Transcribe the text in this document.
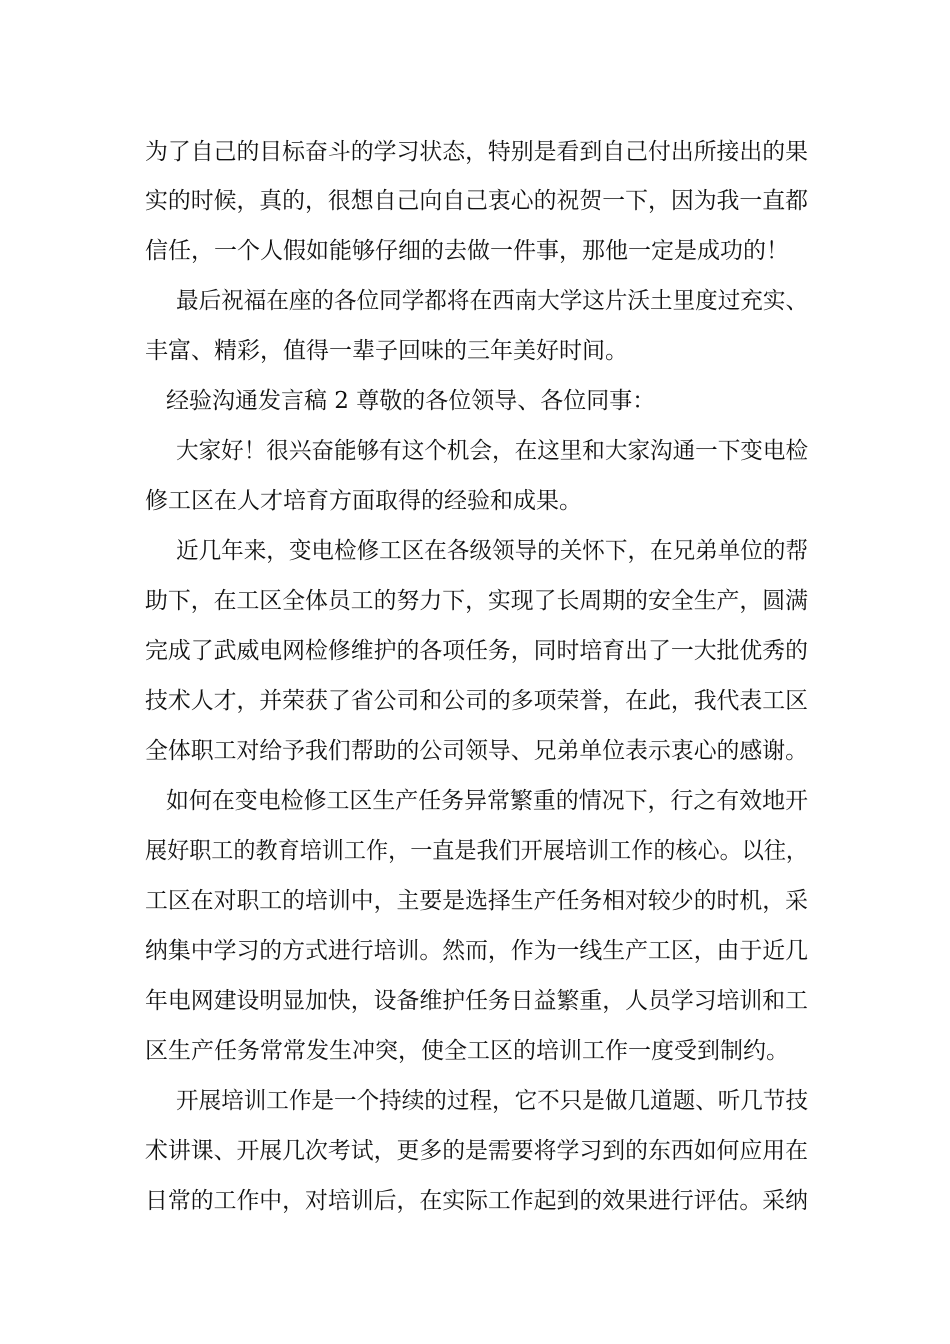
为了自己的目标奋斗的学习状态，特别是看到自己付出所接出的果
实的时候，真的，很想自己向自己衷心的祝贺一下，因为我一直都
信任，一个人假如能够仔细的去做一件事，那他一定是成功的！
最后祝福在座的各位同学都将在西南大学这片沃土里度过充实、
丰富、精彩，值得一辈子回味的三年美好时间。
经验沟通发言稿 2 尊敬的各位领导、各位同事：
大家好！很兴奋能够有这个机会，在这里和大家沟通一下变电检
修工区在人才培育方面取得的经验和成果。
近几年来，变电检修工区在各级领导的关怀下，在兄弟单位的帮
助下，在工区全体员工的努力下，实现了长周期的安全生产，圆满
完成了武威电网检修维护的各项任务，同时培育出了一大批优秀的
技术人才，并荣获了省公司和公司的多项荣誉，在此，我代表工区
全体职工对给予我们帮助的公司领导、兄弟单位表示衷心的感谢。
如何在变电检修工区生产任务异常繁重的情况下，行之有效地开
展好职工的教育培训工作，一直是我们开展培训工作的核心。以往，
工区在对职工的培训中，主要是选择生产任务相对较少的时机，采
纳集中学习的方式进行培训。然而，作为一线生产工区，由于近几
年电网建设明显加快，设备维护任务日益繁重，人员学习培训和工
区生产任务常常发生冲突，使全工区的培训工作一度受到制约。
开展培训工作是一个持续的过程，它不只是做几道题、听几节技
术讲课、开展几次考试，更多的是需要将学习到的东西如何应用在
日常的工作中，对培训后，在实际工作起到的效果进行评估。采纳
